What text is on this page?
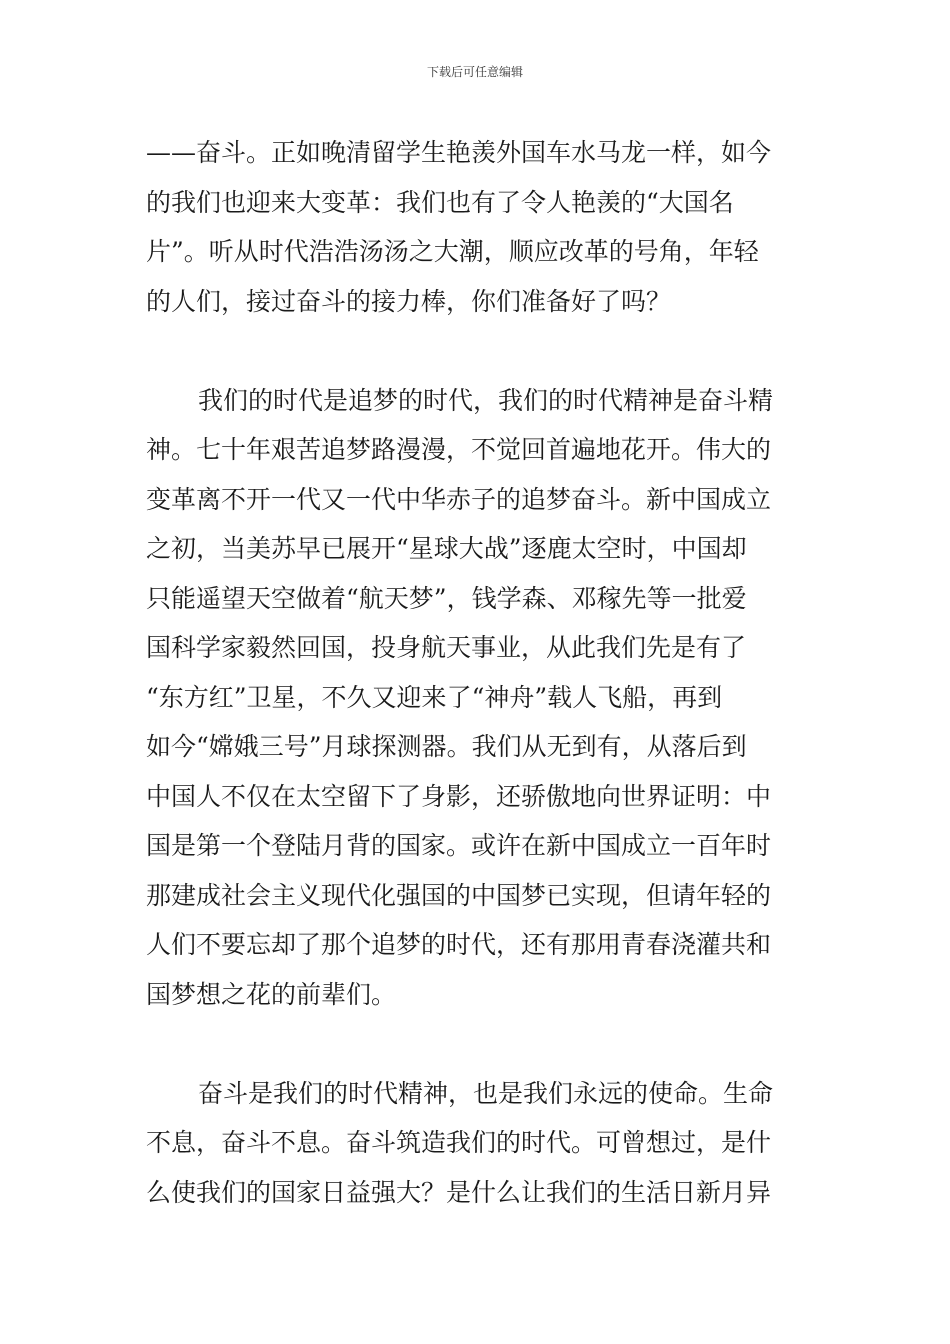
下载后可任意编辑
——奋斗。正如晚清留学生艳羡外国车水马龙一样，如今
的我们也迎来大变革：我们也有了令人艳羡的“大国名
片”。听从时代浩浩汤汤之大潮，顺应改革的号角，年轻
的人们，接过奋斗的接力棒，你们准备好了吗？
我们的时代是追梦的时代，我们的时代精神是奋斗精
神。七十年艰苦追梦路漫漫，不觉回首遍地花开。伟大的
变革离不开一代又一代中华赤子的追梦奋斗。新中国成立
之初，当美苏早已展开“星球大战”逐鹿太空时，中国却
只能遥望天空做着“航天梦”，钱学森、邓稼先等一批爱
国科学家毅然回国，投身航天事业，从此我们先是有了
“东方红”卫星，不久又迎来了“神舟”载人飞船，再到
如今“嫦娥三号”月球探测器。我们从无到有，从落后到
中国人不仅在太空留下了身影，还骄傲地向世界证明：中
国是第一个登陆月背的国家。或许在新中国成立一百年时
那建成社会主义现代化强国的中国梦已实现，但请年轻的
人们不要忘却了那个追梦的时代，还有那用青春浇灌共和
国梦想之花的前辈们。
奋斗是我们的时代精神，也是我们永远的使命。生命
不息，奋斗不息。奋斗筑造我们的时代。可曾想过，是什
么使我们的国家日益强大？是什么让我们的生活日新月异
